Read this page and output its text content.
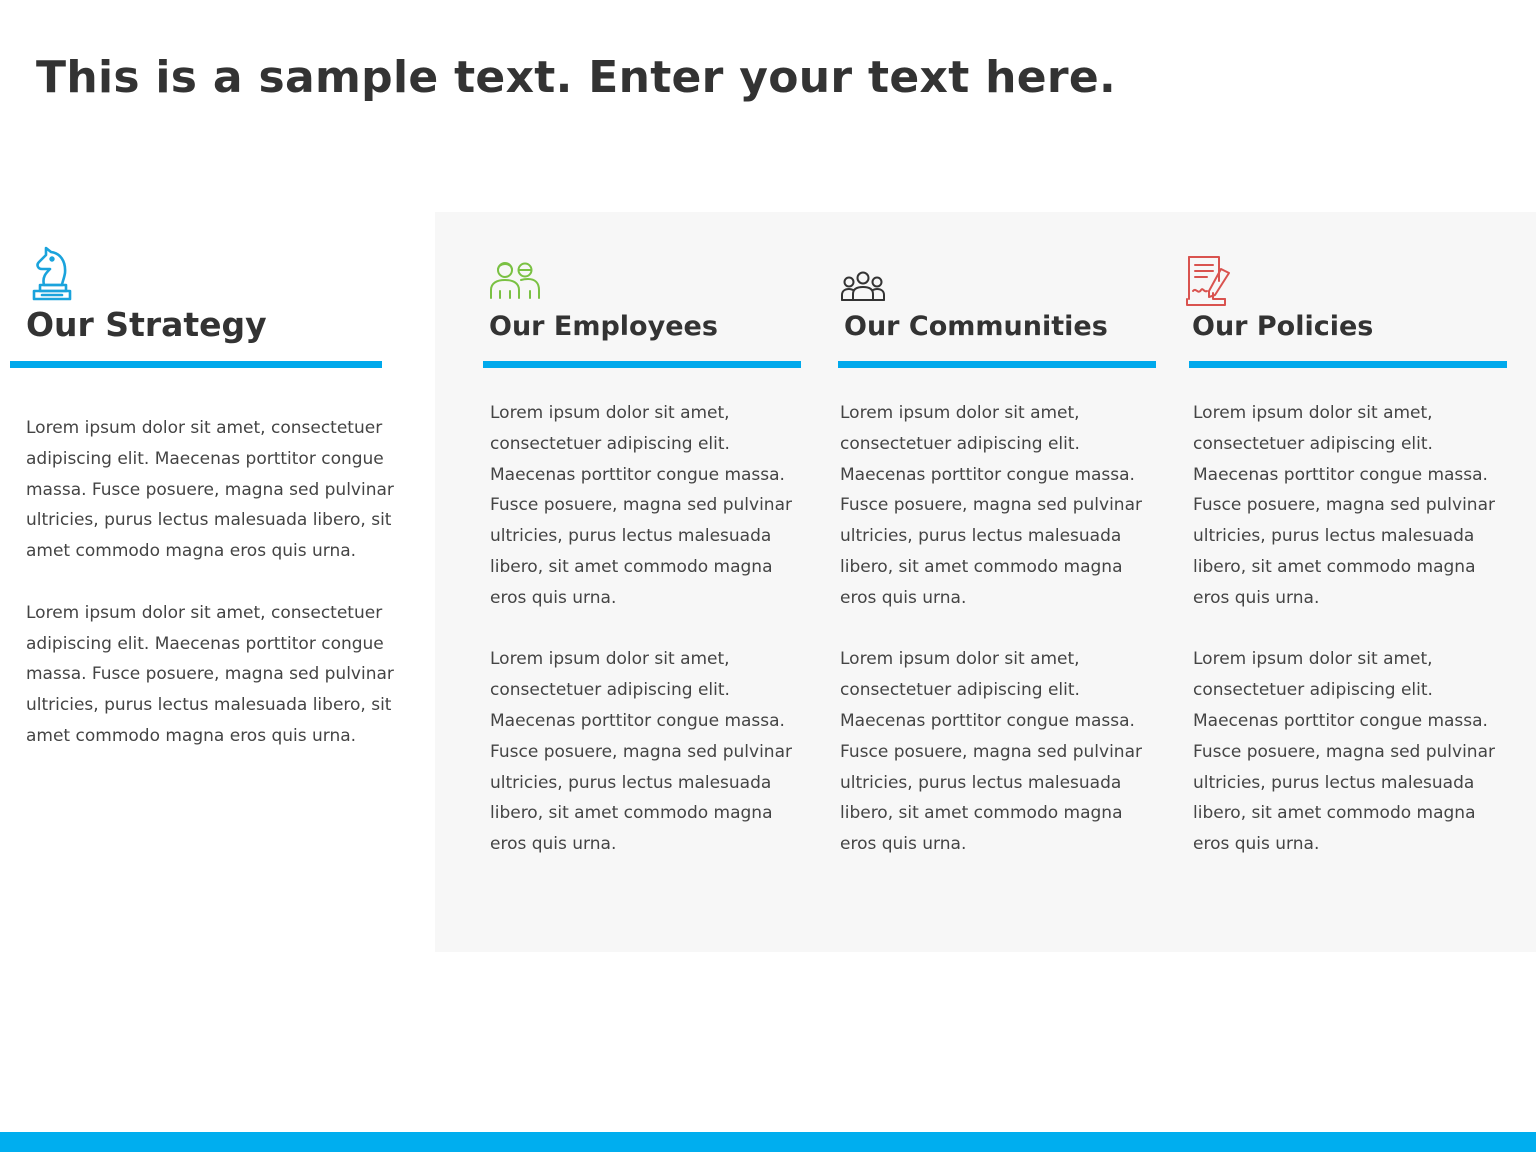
This is a sample text. Enter your text here.
Our Strategy

Lorem ipsum dolor sit amet, consectetuer adipiscing elit. Maecenas porttitor congue massa. Fusce posuere, magna sed pulvinar ultricies, purus lectus malesuada libero, sit amet commodo magna eros quis urna.

Lorem ipsum dolor sit amet, consectetuer adipiscing elit. Maecenas porttitor congue massa. Fusce posuere, magna sed pulvinar ultricies, purus lectus malesuada libero, sit amet commodo magna eros quis urna.

Our Employees

Lorem ipsum dolor sit amet, consectetuer adipiscing elit. Maecenas porttitor congue massa. Fusce posuere, magna sed pulvinar ultricies, purus lectus malesuada libero, sit amet commodo magna eros quis urna.

Lorem ipsum dolor sit amet, consectetuer adipiscing elit. Maecenas porttitor congue massa. Fusce posuere, magna sed pulvinar ultricies, purus lectus malesuada libero, sit amet commodo magna eros quis urna.

Our Communities

Lorem ipsum dolor sit amet, consectetuer adipiscing elit. Maecenas porttitor congue massa. Fusce posuere, magna sed pulvinar ultricies, purus lectus malesuada libero, sit amet commodo magna eros quis urna.

Lorem ipsum dolor sit amet, consectetuer adipiscing elit. Maecenas porttitor congue massa. Fusce posuere, magna sed pulvinar ultricies, purus lectus malesuada libero, sit amet commodo magna eros quis urna.

Our Policies

Lorem ipsum dolor sit amet, consectetuer adipiscing elit. Maecenas porttitor congue massa. Fusce posuere, magna sed pulvinar ultricies, purus lectus malesuada libero, sit amet commodo magna eros quis urna.

Lorem ipsum dolor sit amet, consectetuer adipiscing elit. Maecenas porttitor congue massa. Fusce posuere, magna sed pulvinar ultricies, purus lectus malesuada libero, sit amet commodo magna eros quis urna.
